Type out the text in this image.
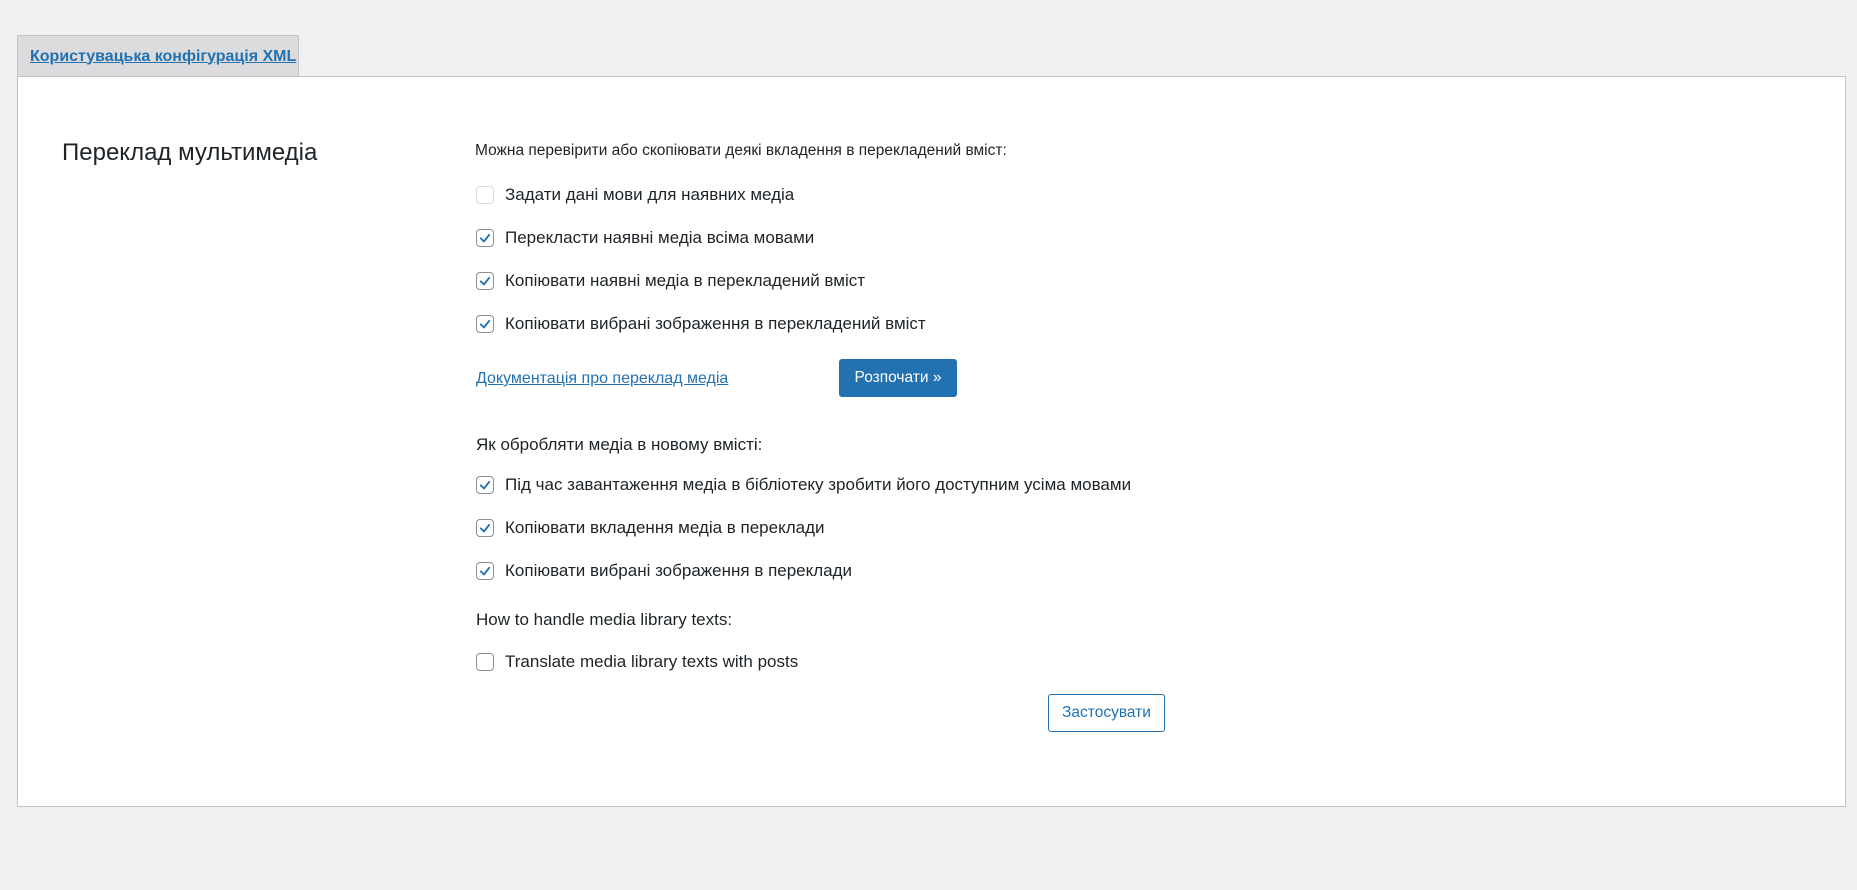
Користувацька конфігурація XML
Переклад мультимедіа	Можна перевірити або скопіювати деякі вкладення в перекладений вміст:
Задати дані мови для наявних медіа
Перекласти наявні медіа всіма мовами
Копіювати наявні медіа в перекладений вміст
Копіювати вибрані зображення в перекладений вміст
Документація про переклад медіа	Розпочати »
Як обробляти медіа в новому вмісті:
Під час завантаження медіа в бібліотеку зробити його доступним усіма мовами
Копіювати вкладення медіа в переклади
Копіювати вибрані зображення в переклади
How to handle media library texts:
Translate media library texts with posts
Застосувати
